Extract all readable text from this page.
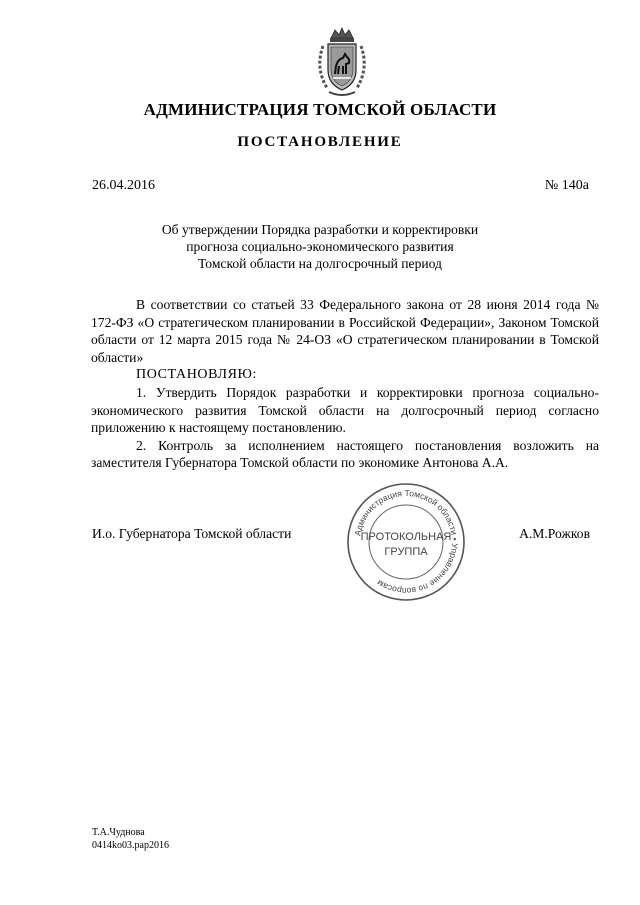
АДМИНИСТРАЦИЯ ТОМСКОЙ ОБЛАСТИ
ПОСТАНОВЛЕНИЕ
26.04.2016	№ 140а
Об утверждении Порядка разработки и корректировки
прогноза социально-экономического развития
Томской области на долгосрочный период

В соответствии со статьей 33 Федерального закона от 28 июня 2014 года № 172-ФЗ «О стратегическом планировании в Российской Федерации», Законом Томской области от 12 марта 2015 года № 24-ОЗ «О стратегическом планировании в Томской области»

ПОСТАНОВЛЯЮ:

1. Утвердить Порядок разработки и корректировки прогноза социально-экономического развития Томской области на долгосрочный период согласно приложению к настоящему постановлению.

2. Контроль за исполнением настоящего постановления возложить на заместителя Губернатора Томской области по экономике Антонова А.А.

И.о. Губернатора Томской области	А.М.Рожков
Администрация Томской области • Управление по вопросам
ПРОТОКОЛЬНАЯ
ГРУППА
Т.А.Чуднова
0414ko03.pap2016
